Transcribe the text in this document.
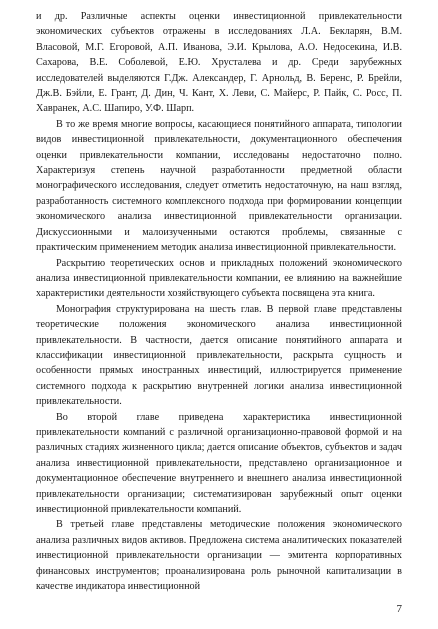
и др. Различные аспекты оценки инвестиционной привлекательности экономических субъектов отражены в исследованиях Л.А. Бекларян, В.М. Власовой, М.Г. Егоровой, А.П. Иванова, Э.И. Крылова, А.О. Недосекина, И.В. Сахарова, В.Е. Соболевой, Е.Ю. Хрусталева и др. Среди зарубежных исследователей выделяются Г.Дж. Александер, Г. Арнольд, В. Беренс, Р. Брейли, Дж.В. Бэйли, Е. Грант, Д. Дин, Ч. Кант, Х. Леви, С. Майерс, Р. Пайк, С. Росс, П. Хавранек, А.С. Шапиро, У.Ф. Шарп.

В то же время многие вопросы, касающиеся понятийного аппарата, типологии видов инвестиционной привлекательности, документационного обеспечения оценки привлекательности компании, исследованы недостаточно полно. Характеризуя степень научной разработанности предметной области монографического исследования, следует отметить недостаточную, на наш взгляд, разработанность системного комплексного подхода при формировании концепции экономического анализа инвестиционной привлекательности организации. Дискуссионными и малоизученными остаются проблемы, связанные с практическим применением методик анализа инвестиционной привлекательности.

Раскрытию теоретических основ и прикладных положений экономического анализа инвестиционной привлекательности компании, ее влиянию на важнейшие характеристики деятельности хозяйствующего субъекта посвящена эта книга.

Монография структурирована на шесть глав. В первой главе представлены теоретические положения экономического анализа инвестиционной привлекательности. В частности, дается описание понятийного аппарата и классификации инвестиционной привлекательности, раскрыта сущность и особенности прямых иностранных инвестиций, иллюстрируется применение системного подхода к раскрытию внутренней логики анализа инвестиционной привлекательности.

Во второй главе приведена характеристика инвестиционной привлекательности компаний с различной организационно-правовой формой и на различных стадиях жизненного цикла; дается описание объектов, субъектов и задач анализа инвестиционной привлекательности, представлено организационное и документационное обеспечение внутреннего и внешнего анализа инвестиционной привлекательности организации; систематизирован зарубежный опыт оценки инвестиционной привлекательности компаний.

В третьей главе представлены методические положения экономического анализа различных видов активов. Предложена система аналитических показателей инвестиционной привлекательности организации — эмитента корпоративных финансовых инструментов; проанализирована роль рыночной капитализации в качестве индикатора инвестиционной

7
